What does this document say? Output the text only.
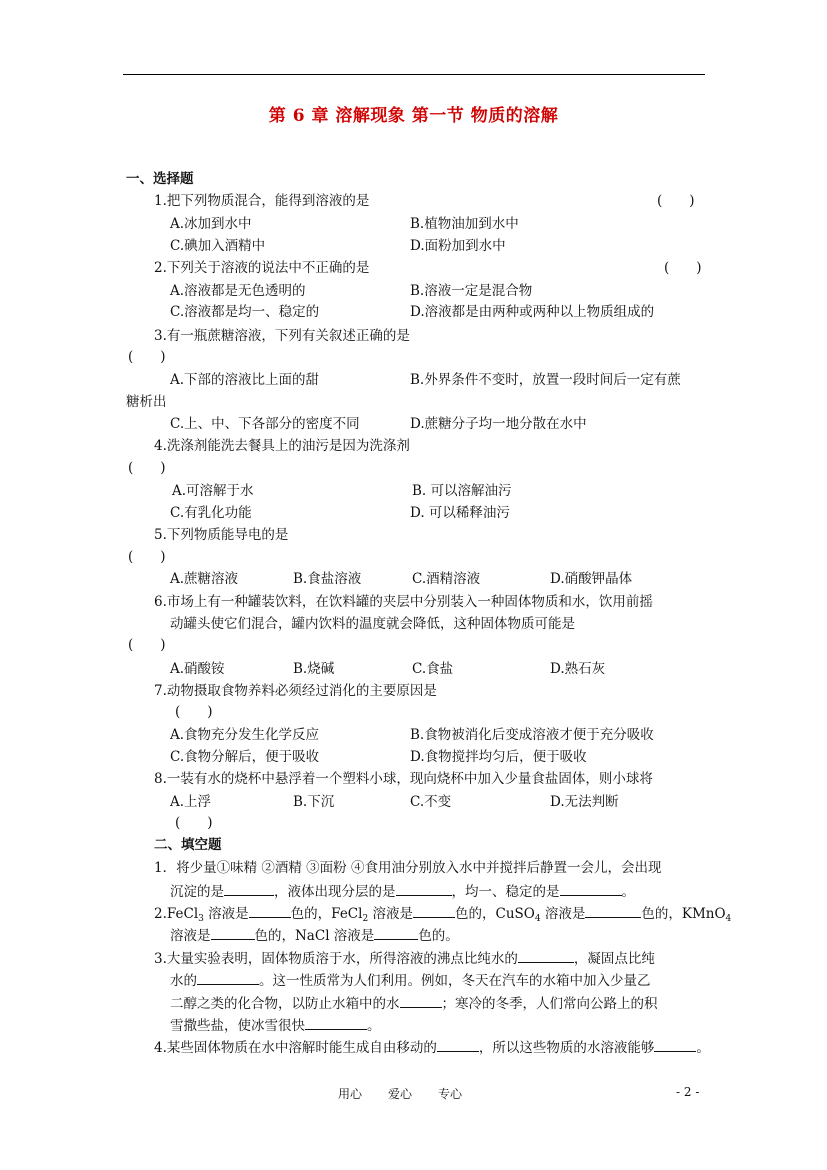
第 6 章 溶解现象 第一节 物质的溶解
一、选择题
1.把下列物质混合，能得到溶液的是	(　　)
A.冰加到水中	B.植物油加到水中
C.碘加入酒精中	D.面粉加到水中
2.下列关于溶液的说法中不正确的是	(　　)
A.溶液都是无色透明的	B.溶液一定是混合物
C.溶液都是均一、稳定的	D.溶液都是由两种或两种以上物质组成的
3.有一瓶蔗糖溶液，下列有关叙述正确的是
(　　)
A.下部的溶液比上面的甜	B.外界条件不变时，放置一段时间后一定有蔗
糖析出
C.上、中、下各部分的密度不同	D.蔗糖分子均一地分散在水中
4.洗涤剂能洗去餐具上的油污是因为洗涤剂
(　　)
A.可溶解于水	B. 可以溶解油污
C.有乳化功能	D. 可以稀释油污
5.下列物质能导电的是
(　　)
A.蔗糖溶液	B.食盐溶液	C.酒精溶液	D.硝酸钾晶体
6.市场上有一种罐装饮料，在饮料罐的夹层中分别装入一种固体物质和水，饮用前摇
动罐头使它们混合，罐内饮料的温度就会降低，这种固体物质可能是
(　　)
A.硝酸铵	B.烧碱	C.食盐	D.熟石灰
7.动物摄取食物养料必须经过消化的主要原因是
(　　)
A.食物充分发生化学反应	B.食物被消化后变成溶液才便于充分吸收
C.食物分解后，便于吸收	D.食物搅拌均匀后，便于吸收
8.一装有水的烧杯中悬浮着一个塑料小球，现向烧杯中加入少量食盐固体，则小球将
A.上浮	B.下沉	C.不变	D.无法判断
(　　)
二、填空题
1．将少量①味精 ②酒精 ③面粉 ④食用油分别放入水中并搅拌后静置一会儿，会出现
沉淀的是	，液体出现分层的是	，均一、稳定的是	。
2.FeCl$_3$ 溶液是	色的，FeCl$_2$ 溶液是	色的，CuSO$_4$ 溶液是	色的，KMnO$_4$
溶液是	色的，NaCl 溶液是	色的。
3.大量实验表明，固体物质溶于水，所得溶液的沸点比纯水的	，凝固点比纯
水的	。这一性质常为人们利用。例如，冬天在汽车的水箱中加入少量乙
二醇之类的化合物，以防止水箱中的水	；寒冷的冬季，人们常向公路上的积
雪撒些盐，使冰雪很快	。
4.某些固体物质在水中溶解时能生成自由移动的	，所以这些物质的水溶液能够	。
用心 爱心 专心	- 2 -
